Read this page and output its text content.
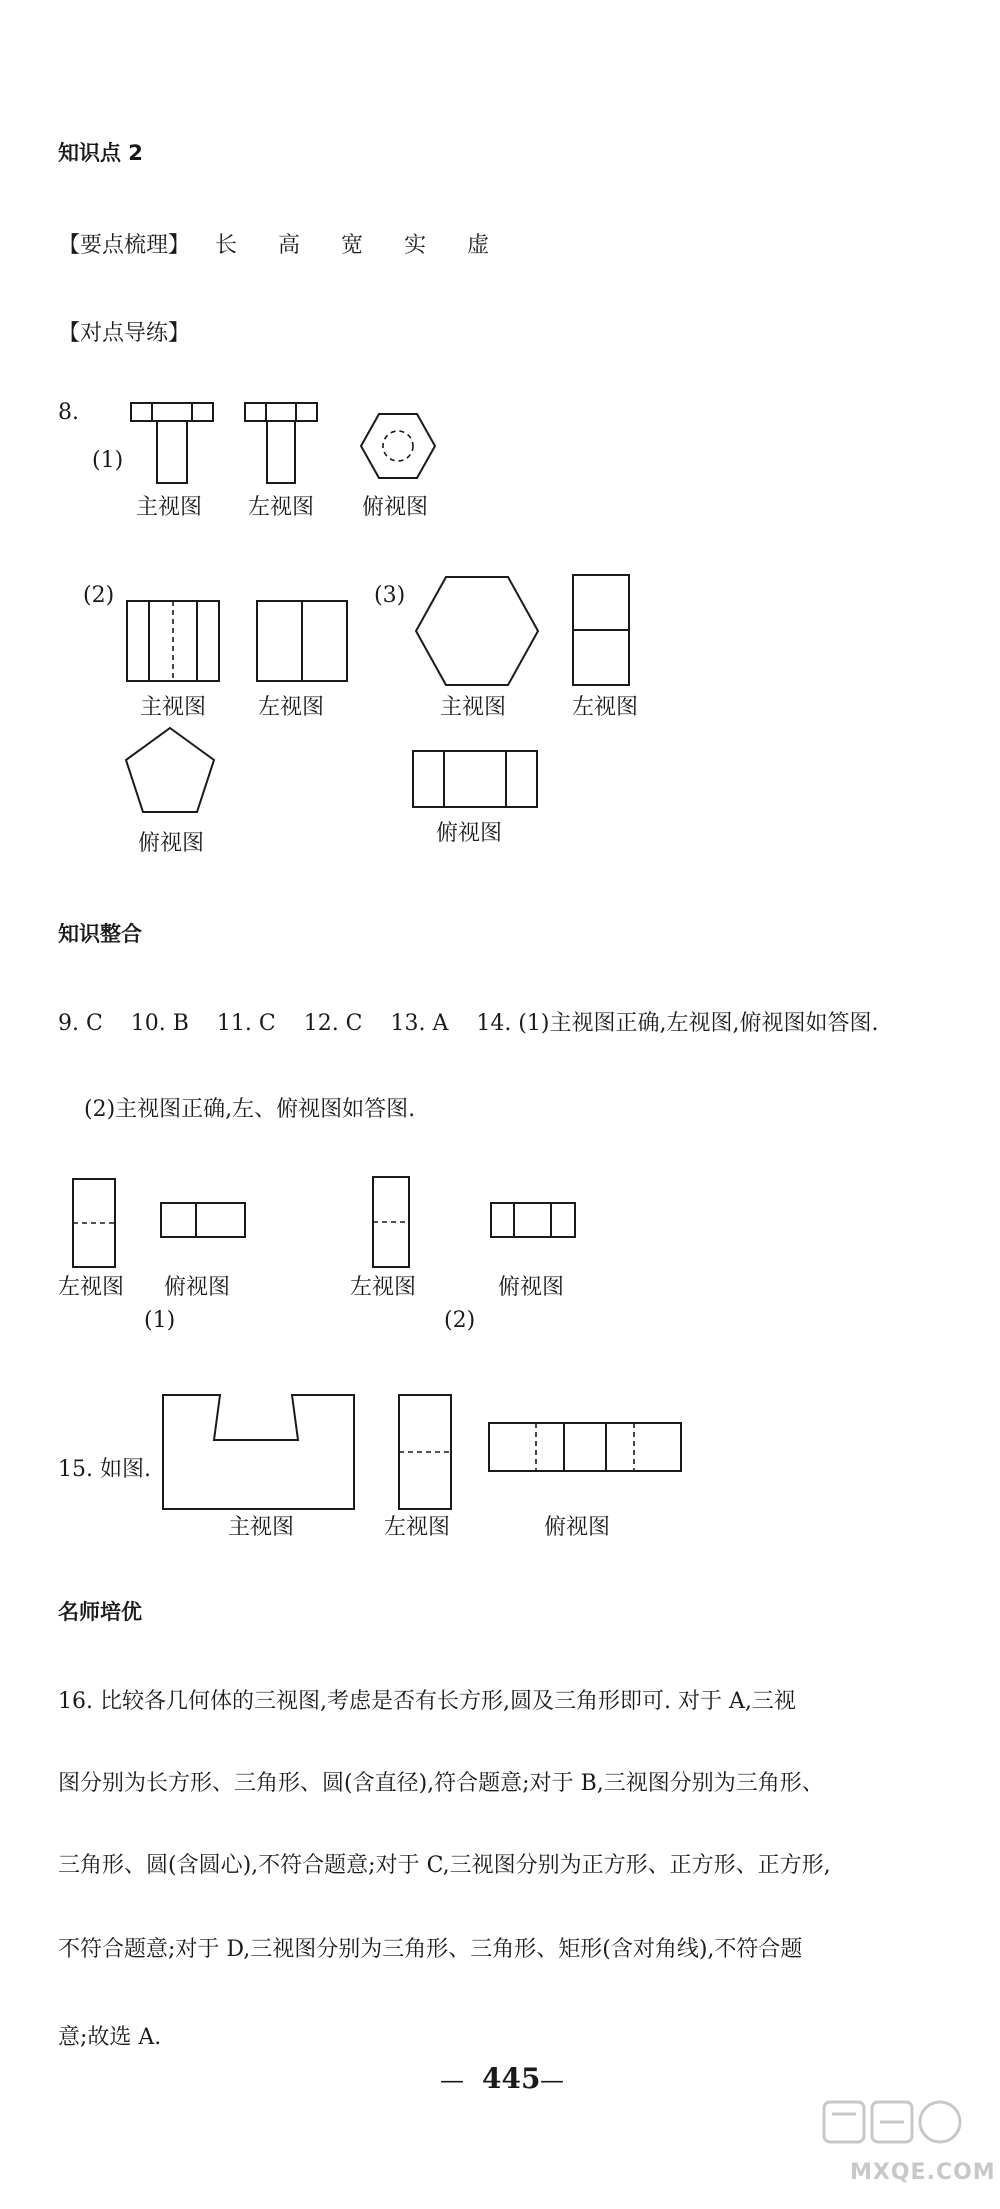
知识点 2
【要点梳理】 长 高 宽 实 虚
【对点导练】
8.
(1)
主视图 左视图 俯视图
(2)
主视图 左视图
俯视图
(3)
主视图	左视图
俯视图
知识整合
9. C    10. B    11. C    12. C    13. A    14. (1)主视图正确,左视图,俯视图如答图.
(2)主视图正确,左、俯视图如答图.
左视图 俯视图
(1)
左视图	俯视图
(2)
15. 如图.
主视图	左视图	俯视图
名师培优
16. 比较各几何体的三视图,考虑是否有长方形,圆及三角形即可. 对于 A,三视
图分别为长方形、三角形、圆(含直径),符合题意;对于 B,三视图分别为三角形、
三角形、圆(含圆心),不符合题意;对于 C,三视图分别为正方形、正方形、正方形,
不符合题意;对于 D,三视图分别为三角形、三角形、矩形(含对角线),不符合题
意;故选 A.
— 445 —
MXQE.COM
